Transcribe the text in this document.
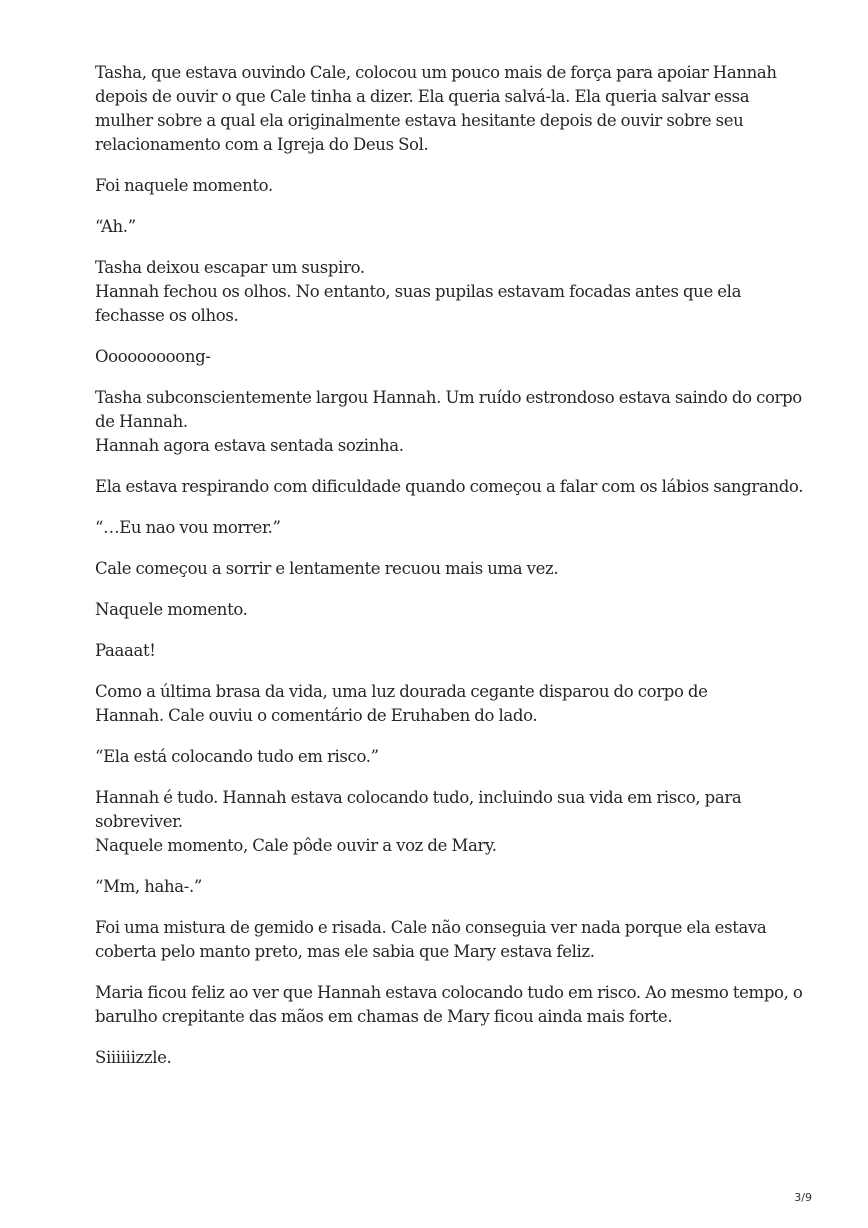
Tasha, que estava ouvindo Cale, colocou um pouco mais de força para apoiar Hannah
depois de ouvir o que Cale tinha a dizer. Ela queria salvá-la. Ela queria salvar essa
mulher sobre a qual ela originalmente estava hesitante depois de ouvir sobre seu
relacionamento com a Igreja do Deus Sol.

Foi naquele momento.

“Ah.”

Tasha deixou escapar um suspiro.
Hannah fechou os olhos. No entanto, suas pupilas estavam focadas antes que ela
fechasse os olhos.

Ooooooooong-

Tasha subconscientemente largou Hannah. Um ruído estrondoso estava saindo do corpo
de Hannah.
Hannah agora estava sentada sozinha.

Ela estava respirando com dificuldade quando começou a falar com os lábios sangrando.

“…Eu nao vou morrer.”

Cale começou a sorrir e lentamente recuou mais uma vez.

Naquele momento.

Paaaat!

Como a última brasa da vida, uma luz dourada cegante disparou do corpo de
Hannah. Cale ouviu o comentário de Eruhaben do lado.

“Ela está colocando tudo em risco.”

Hannah é tudo. Hannah estava colocando tudo, incluindo sua vida em risco, para
sobreviver.
Naquele momento, Cale pôde ouvir a voz de Mary.

“Mm, haha-.”

Foi uma mistura de gemido e risada. Cale não conseguia ver nada porque ela estava
coberta pelo manto preto, mas ele sabia que Mary estava feliz.

Maria ficou feliz ao ver que Hannah estava colocando tudo em risco. Ao mesmo tempo, o
barulho crepitante das mãos em chamas de Mary ficou ainda mais forte.

Siiiiiizzle.

3/9
